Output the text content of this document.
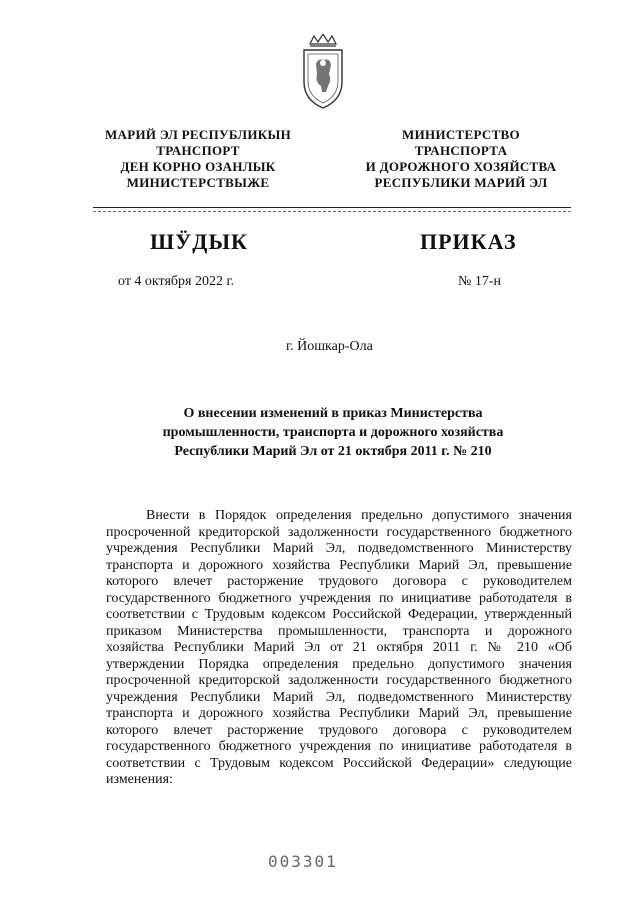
МАРИЙ ЭЛ РЕСПУБЛИКЫН
ТРАНСПОРТ
ДЕН КОРНО ОЗАНЛЫК
МИНИСТЕРСТВЫЖЕ
МИНИСТЕРСТВО
ТРАНСПОРТА
И ДОРОЖНОГО ХОЗЯЙСТВА
РЕСПУБЛИКИ МАРИЙ ЭЛ
ШӰДЫК	ПРИКАЗ
от 4 октября 2022 г.	№ 17-н
г. Йошкар-Ола
О внесении изменений в приказ Министерства промышленности, транспорта и дорожного хозяйства Республики Марий Эл от 21 октября 2011 г. № 210
Внести в Порядок определения предельно допустимого значения просроченной кредиторской задолженности государственного бюджетного учреждения Республики Марий Эл, подведомственного Министерству транспорта и дорожного хозяйства Республики Марий Эл, превышение которого влечет расторжение трудового договора с руководителем государственного бюджетного учреждения по инициативе работодателя в соответствии с Трудовым кодексом Российской Федерации, утвержденный приказом Министерства промышленности, транспорта и дорожного хозяйства Республики Марий Эл от 21 октября 2011 г. № 210 «Об утверждении Порядка определения предельно допустимого значения просроченной кредиторской задолженности государственного бюджетного учреждения Республики Марий Эл, подведомственного Министерству транспорта и дорожного хозяйства Республики Марий Эл, превышение которого влечет расторжение трудового договора с руководителем государственного бюджетного учреждения по инициативе работодателя в соответствии с Трудовым кодексом Российской Федерации» следующие изменения:
003301
